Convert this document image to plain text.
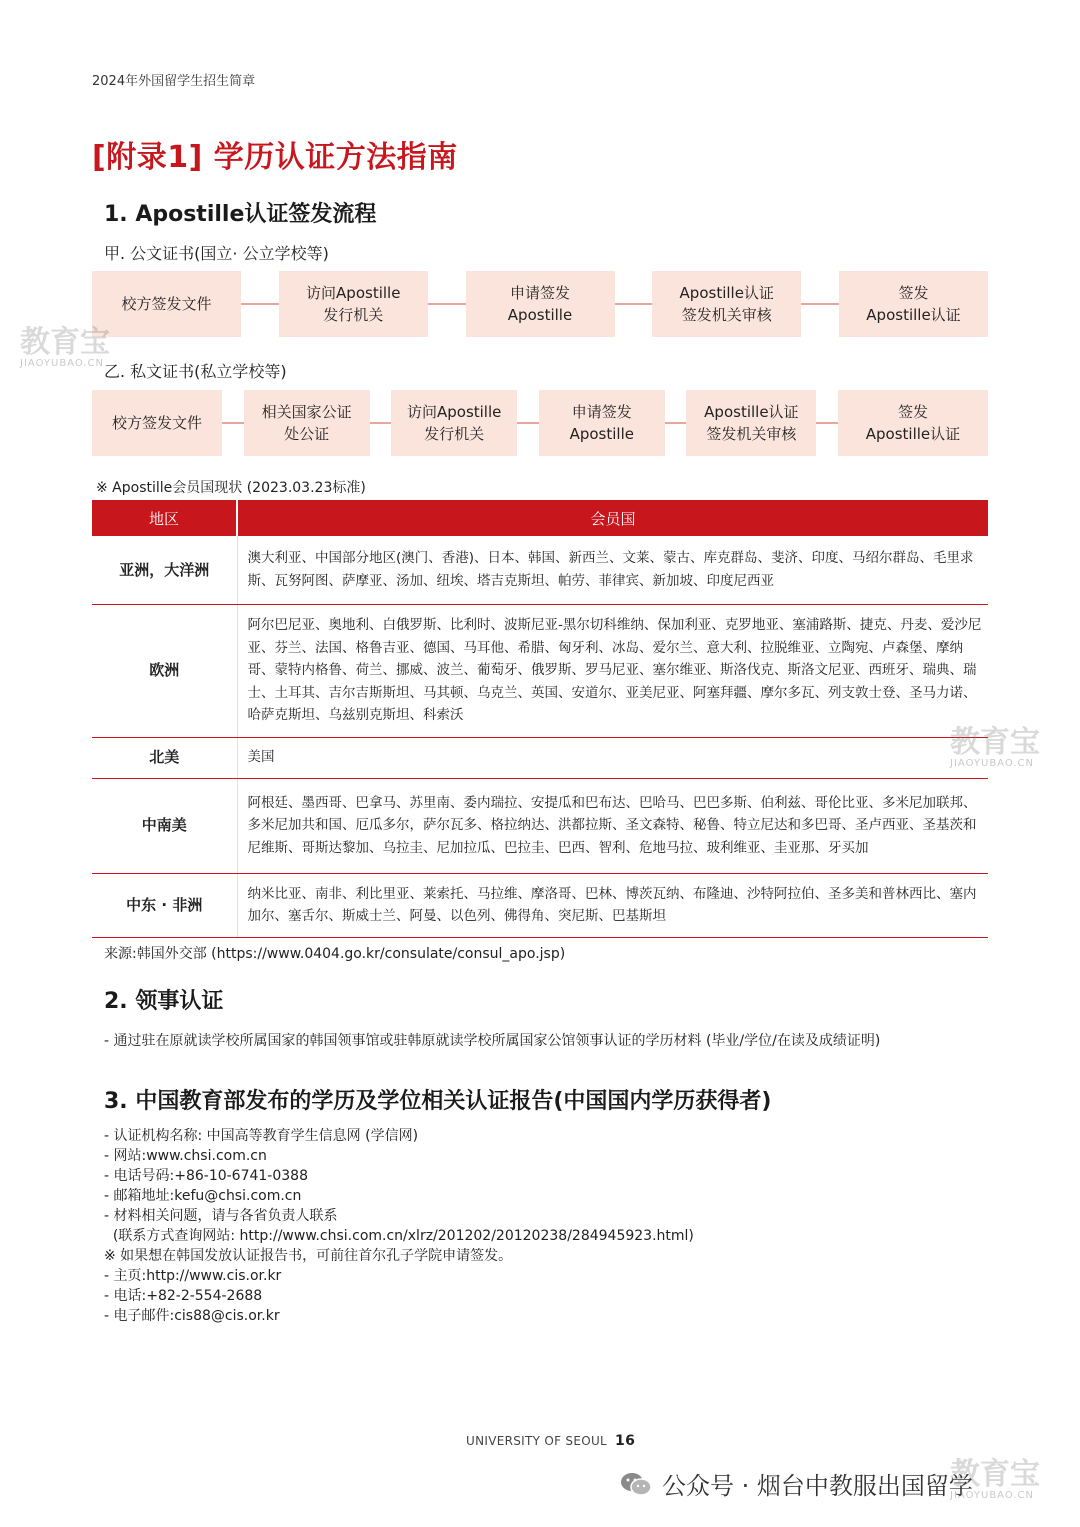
2024年外国留学生招生简章
[附录1] 学历认证方法指南
1. Apostille认证签发流程
甲. 公文证书(国立· 公立学校等)
校方签发文件
访问Apostille
发行机关
申请签发
Apostille
Apostille认证
签发机关审核
签发
Apostille认证
乙. 私文证书(私立学校等)
校方签发文件
相关国家公证
处公证
访问Apostille
发行机关
申请签发
Apostille
Apostille认证
签发机关审核
签发
Apostille认证
※ Apostille会员国现状 (2023.03.23标准)
地区	会员国
亚洲，大洋洲	澳大利亚、中国部分地区(澳门、香港)、日本、韩国、新西兰、文莱、蒙古、库克群岛、斐济、印度、马绍尔群岛、毛里求斯、瓦努阿图、萨摩亚、汤加、纽埃、塔吉克斯坦、帕劳、菲律宾、新加坡、印度尼西亚
欧洲	阿尔巴尼亚、奥地利、白俄罗斯、比利时、波斯尼亚-黑尔切科维纳、保加利亚、克罗地亚、塞浦路斯、捷克、丹麦、爱沙尼亚、芬兰、法国、格鲁吉亚、德国、马耳他、希腊、匈牙利、冰岛、爱尔兰、意大利、拉脱维亚、立陶宛、卢森堡、摩纳哥、蒙特内格鲁、荷兰、挪威、波兰、葡萄牙、俄罗斯、罗马尼亚、塞尔维亚、斯洛伐克、斯洛文尼亚、西班牙、瑞典、瑞士、土耳其、吉尔吉斯斯坦、马其顿、乌克兰、英国、安道尔、亚美尼亚、阿塞拜疆、摩尔多瓦、列支敦士登、圣马力诺、哈萨克斯坦、乌兹别克斯坦、科索沃
北美	美国
中南美	阿根廷、墨西哥、巴拿马、苏里南、委内瑞拉、安提瓜和巴布达、巴哈马、巴巴多斯、伯利兹、哥伦比亚、多米尼加联邦、多米尼加共和国、厄瓜多尔，萨尔瓦多、格拉纳达、洪都拉斯、圣文森特、秘鲁、特立尼达和多巴哥、圣卢西亚、圣基茨和尼维斯、哥斯达黎加、乌拉圭、尼加拉瓜、巴拉圭、巴西、智利、危地马拉、玻利维亚、圭亚那、牙买加
中东 · 非洲	纳米比亚、南非、利比里亚、莱索托、马拉维、摩洛哥、巴林、博茨瓦纳、布隆迪、沙特阿拉伯、圣多美和普林西比、塞内加尔、塞舌尔、斯威士兰、阿曼、以色列、佛得角、突尼斯、巴基斯坦
来源:韩国外交部 (https://www.0404.go.kr/consulate/consul_apo.jsp)
2. 领事认证
- 通过驻在原就读学校所属国家的韩国领事馆或驻韩原就读学校所属国家公馆领事认证的学历材料 (毕业/学位/在读及成绩证明)
3. 中国教育部发布的学历及学位相关认证报告(中国国内学历获得者)
- 认证机构名称: 中国高等教育学生信息网 (学信网)
- 网站:www.chsi.com.cn
- 电话号码:+86-10-6741-0388
- 邮箱地址:kefu@chsi.com.cn
- 材料相关问题，请与各省负责人联系
(联系方式查询网站: http://www.chsi.com.cn/xlrz/201202/20120238/284945923.html)
※ 如果想在韩国发放认证报告书，可前往首尔孔子学院申请签发。
- 主页:http://www.cis.or.kr
- 电话:+82-2-554-2688
- 电子邮件:cis88@cis.or.kr
UNIVERSITY OF SEOUL 16
公众号 · 烟台中教服出国留学
教育宝
JIAOYUBAO.CN
教育宝
JIAOYUBAO.CN
教育宝
JIAOYUBAO.CN
